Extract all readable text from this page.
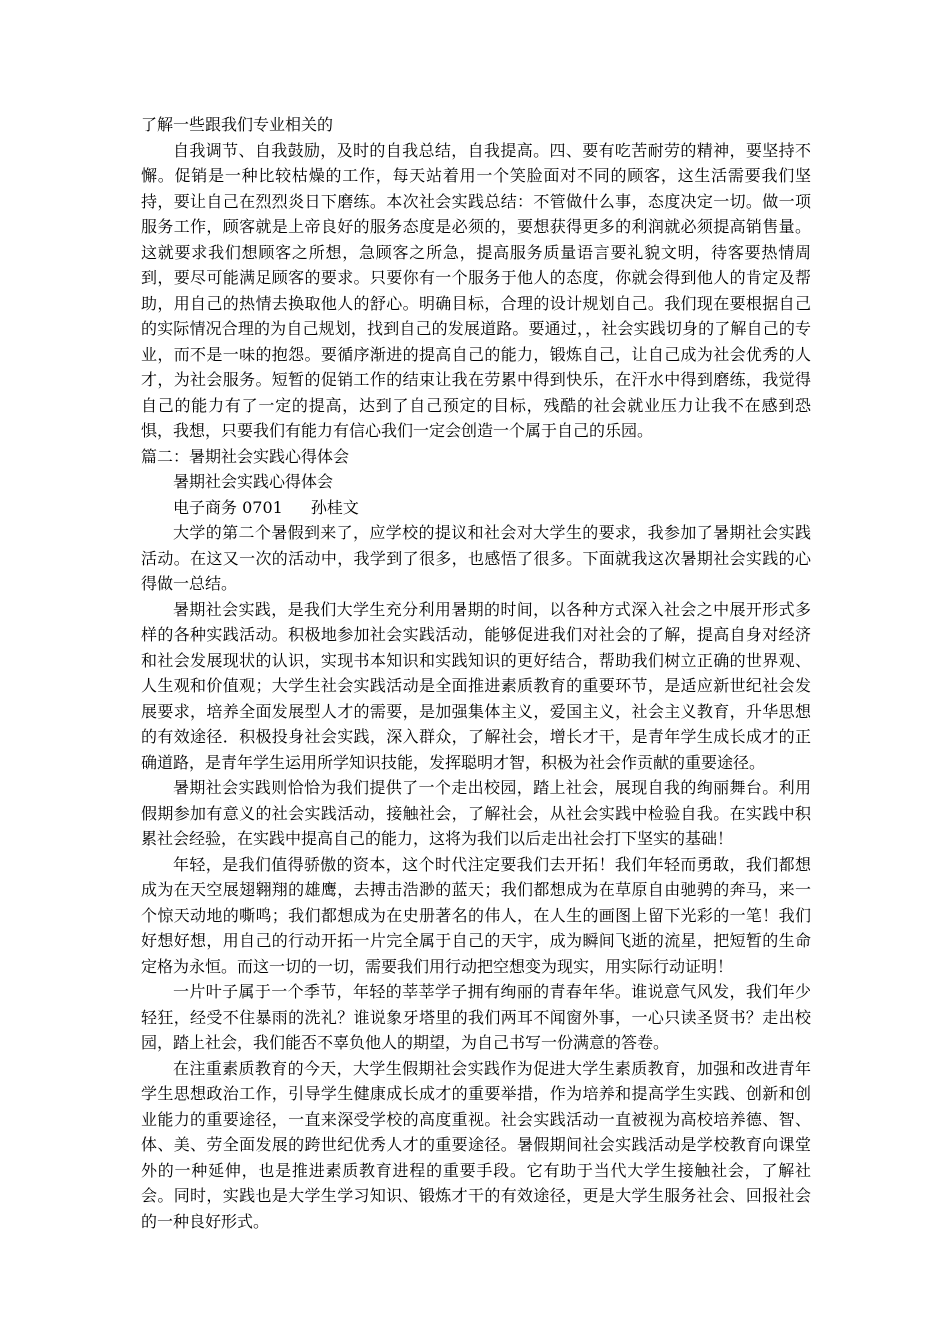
了解一些跟我们专业相关的

自我调节、自我鼓励，及时的自我总结，自我提高。四、要有吃苦耐劳的精神，要坚持不懈。促销是一种比较枯燥的工作，每天站着用一个笑脸面对不同的顾客，这生活需要我们坚持，要让自己在烈烈炎日下磨练。本次社会实践总结：不管做什么事，态度决定一切。做一项服务工作，顾客就是上帝良好的服务态度是必须的，要想获得更多的利润就必须提高销售量。这就要求我们想顾客之所想，急顾客之所急，提高服务质量语言要礼貌文明，待客要热情周到，要尽可能满足顾客的要求。只要你有一个服务于他人的态度，你就会得到他人的肯定及帮助，用自己的热情去换取他人的舒心。明确目标，合理的设计规划自己。我们现在要根据自己的实际情况合理的为自己规划，找到自己的发展道路。要通过，，社会实践切身的了解自己的专业，而不是一味的抱怨。要循序渐进的提高自己的能力，锻炼自己，让自己成为社会优秀的人才，为社会服务。短暂的促销工作的结束让我在劳累中得到快乐，在汗水中得到磨练，我觉得自己的能力有了一定的提高，达到了自己预定的目标，残酷的社会就业压力让我不在感到恐惧，我想，只要我们有能力有信心我们一定会创造一个属于自己的乐园。

篇二：暑期社会实践心得体会
暑期社会实践心得体会
电子商务 0701 孙桂文

大学的第二个暑假到来了，应学校的提议和社会对大学生的要求，我参加了暑期社会实践活动。在这又一次的活动中，我学到了很多，也感悟了很多。下面就我这次暑期社会实践的心得做一总结。

暑期社会实践，是我们大学生充分利用暑期的时间，以各种方式深入社会之中展开形式多样的各种实践活动。积极地参加社会实践活动，能够促进我们对社会的了解，提高自身对经济和社会发展现状的认识，实现书本知识和实践知识的更好结合，帮助我们树立正确的世界观、人生观和价值观；大学生社会实践活动是全面推进素质教育的重要环节，是适应新世纪社会发展要求，培养全面发展型人才的需要，是加强集体主义，爱国主义，社会主义教育，升华思想的有效途径．积极投身社会实践，深入群众，了解社会，增长才干，是青年学生成长成才的正确道路，是青年学生运用所学知识技能，发挥聪明才智，积极为社会作贡献的重要途径。

暑期社会实践则恰恰为我们提供了一个走出校园，踏上社会，展现自我的绚丽舞台。利用假期参加有意义的社会实践活动，接触社会，了解社会，从社会实践中检验自我。在实践中积累社会经验，在实践中提高自己的能力，这将为我们以后走出社会打下坚实的基础！

年轻，是我们值得骄傲的资本，这个时代注定要我们去开拓！我们年轻而勇敢，我们都想成为在天空展翅翱翔的雄鹰，去搏击浩渺的蓝天；我们都想成为在草原自由驰骋的奔马，来一个惊天动地的嘶鸣；我们都想成为在史册著名的伟人，在人生的画图上留下光彩的一笔！我们好想好想，用自己的行动开拓一片完全属于自己的天宇，成为瞬间飞逝的流星，把短暂的生命定格为永恒。而这一切的一切，需要我们用行动把空想变为现实，用实际行动证明！

一片叶子属于一个季节，年轻的莘莘学子拥有绚丽的青春年华。谁说意气风发，我们年少轻狂，经受不住暴雨的洗礼？谁说象牙塔里的我们两耳不闻窗外事，一心只读圣贤书？走出校园，踏上社会，我们能否不辜负他人的期望，为自己书写一份满意的答卷。

在注重素质教育的今天，大学生假期社会实践作为促进大学生素质教育，加强和改进青年学生思想政治工作，引导学生健康成长成才的重要举措，作为培养和提高学生实践、创新和创业能力的重要途径，一直来深受学校的高度重视。社会实践活动一直被视为高校培养德、智、体、美、劳全面发展的跨世纪优秀人才的重要途径。暑假期间社会实践活动是学校教育向课堂外的一种延伸，也是推进素质教育进程的重要手段。它有助于当代大学生接触社会，了解社会。同时，实践也是大学生学习知识、锻炼才干的有效途径，更是大学生服务社会、回报社会的一种良好形式。
